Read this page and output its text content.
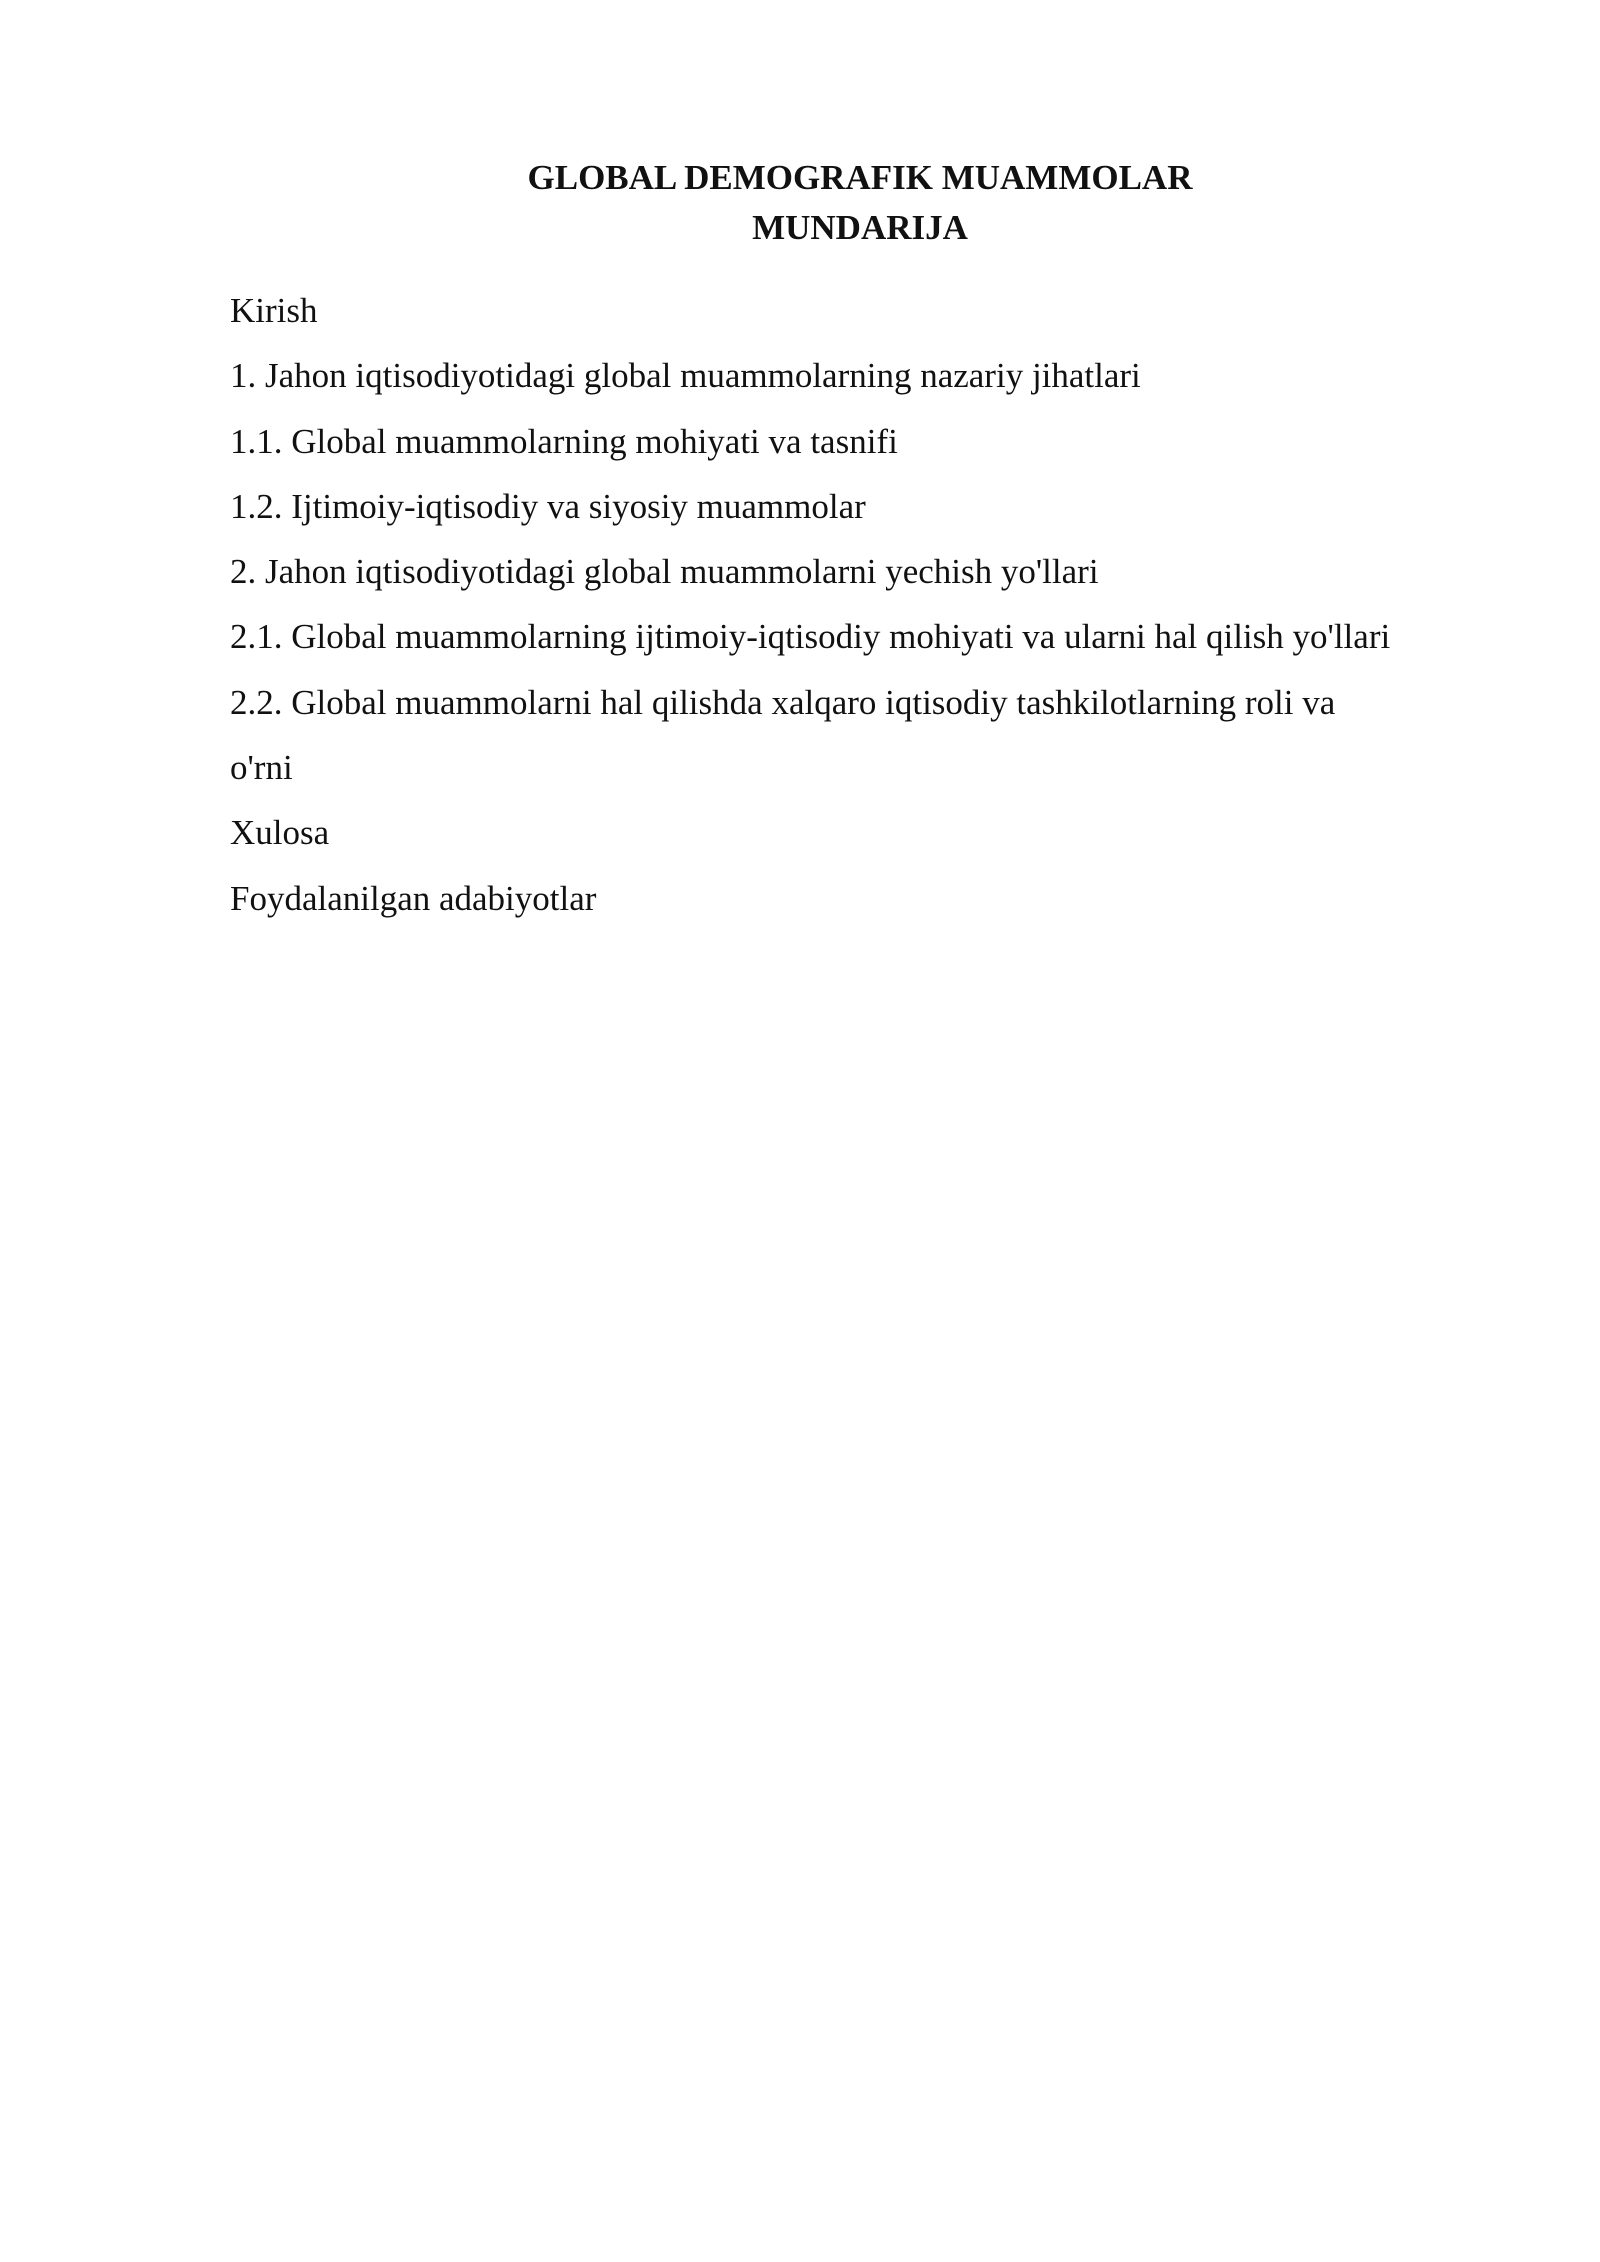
GLOBAL DEMOGRAFIK MUAMMOLAR
MUNDARIJA
Kirish
1. Jahon iqtisodiyotidagi global muammolarning nazariy jihatlari
1.1. Global muammolarning mohiyati va tasnifi
1.2. Ijtimoiy-iqtisodiy va siyosiy muammolar
2. Jahon iqtisodiyotidagi global muammolarni yechish yo'llari
2.1. Global muammolarning ijtimoiy-iqtisodiy mohiyati va ularni hal qilish yo'llari
2.2. Global muammolarni hal qilishda xalqaro iqtisodiy tashkilotlarning roli va
o'rni
Xulosa
Foydalanilgan adabiyotlar
